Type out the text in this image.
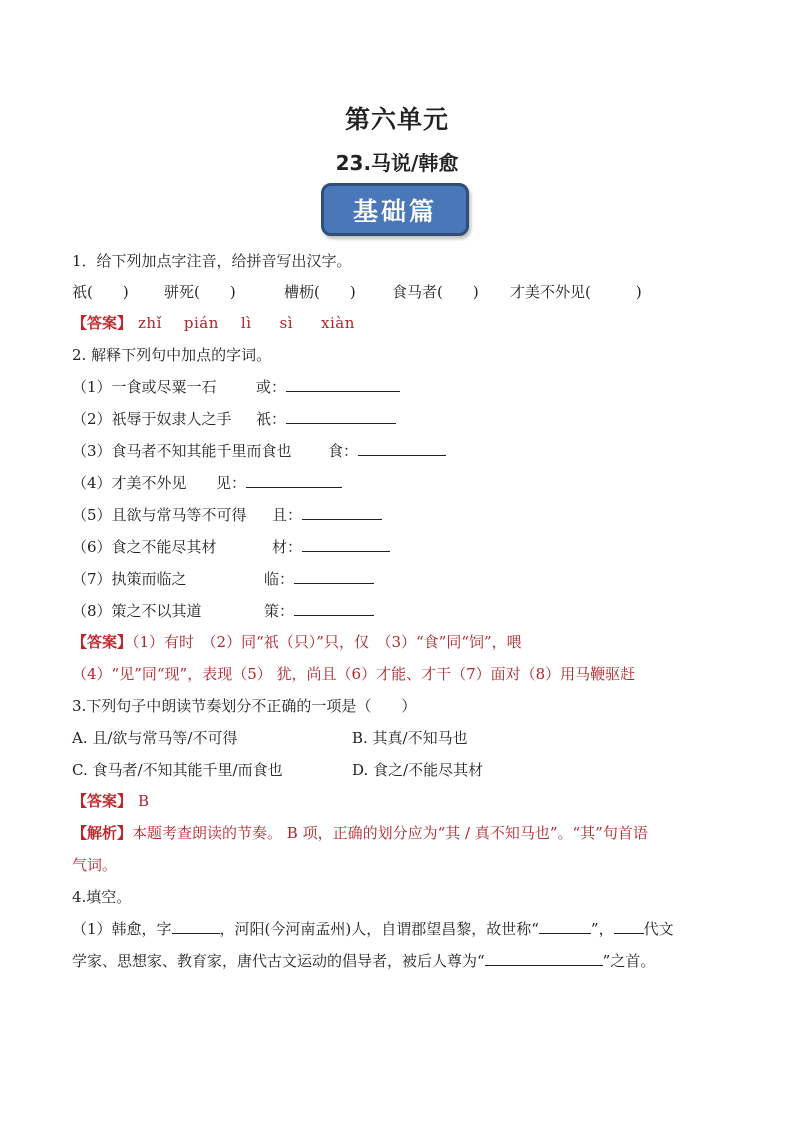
第六单元
23.马说/韩愈
基础篇
1．给下列加点字注音，给拼音写出汉字。
祇(　　) 骈死(　　)	槽枥(　　) 食马者(　　) 才美不外见(　　　)
【答案】 zhǐ pián lì sì xiàn
2. 解释下列句中加点的字词。
（1）一食或尽粟一石	或：
（2）祇辱于奴隶人之手 祇：
（3）食马者不知其能千里而食也 食：
（4）才美不外见 见：
（5）且欲与常马等不可得 且：
（6）食之不能尽其材	材：
（7）执策而临之	临：
（8）策之不以其道	策：
【答案】（1）有时　（2）同“祇（只）”只，仅　（3）“食”同“饲”，喂
（4）“见”同“现”，表现（5） 犹，尚且（6）才能、才干（7）面对（8）用马鞭驱赶
3.下列句子中朗读节奏划分不正确的一项是（　　）
A. 且/欲与常马等/不可得	B. 其真/不知马也
C. 食马者/不知其能千里/而食也	D. 食之/不能尽其材
【答案】 B
【解析】本题考查朗读的节奏。 B 项，正确的划分应为“其 / 真不知马也”。“其”句首语
气词。
4.填空。
（1）韩愈，字	，河阳(今河南孟州)人，自谓郡望昌黎，故世称“	”， 代文
学家、思想家、教育家，唐代古文运动的倡导者，被后人尊为“	”之首。
